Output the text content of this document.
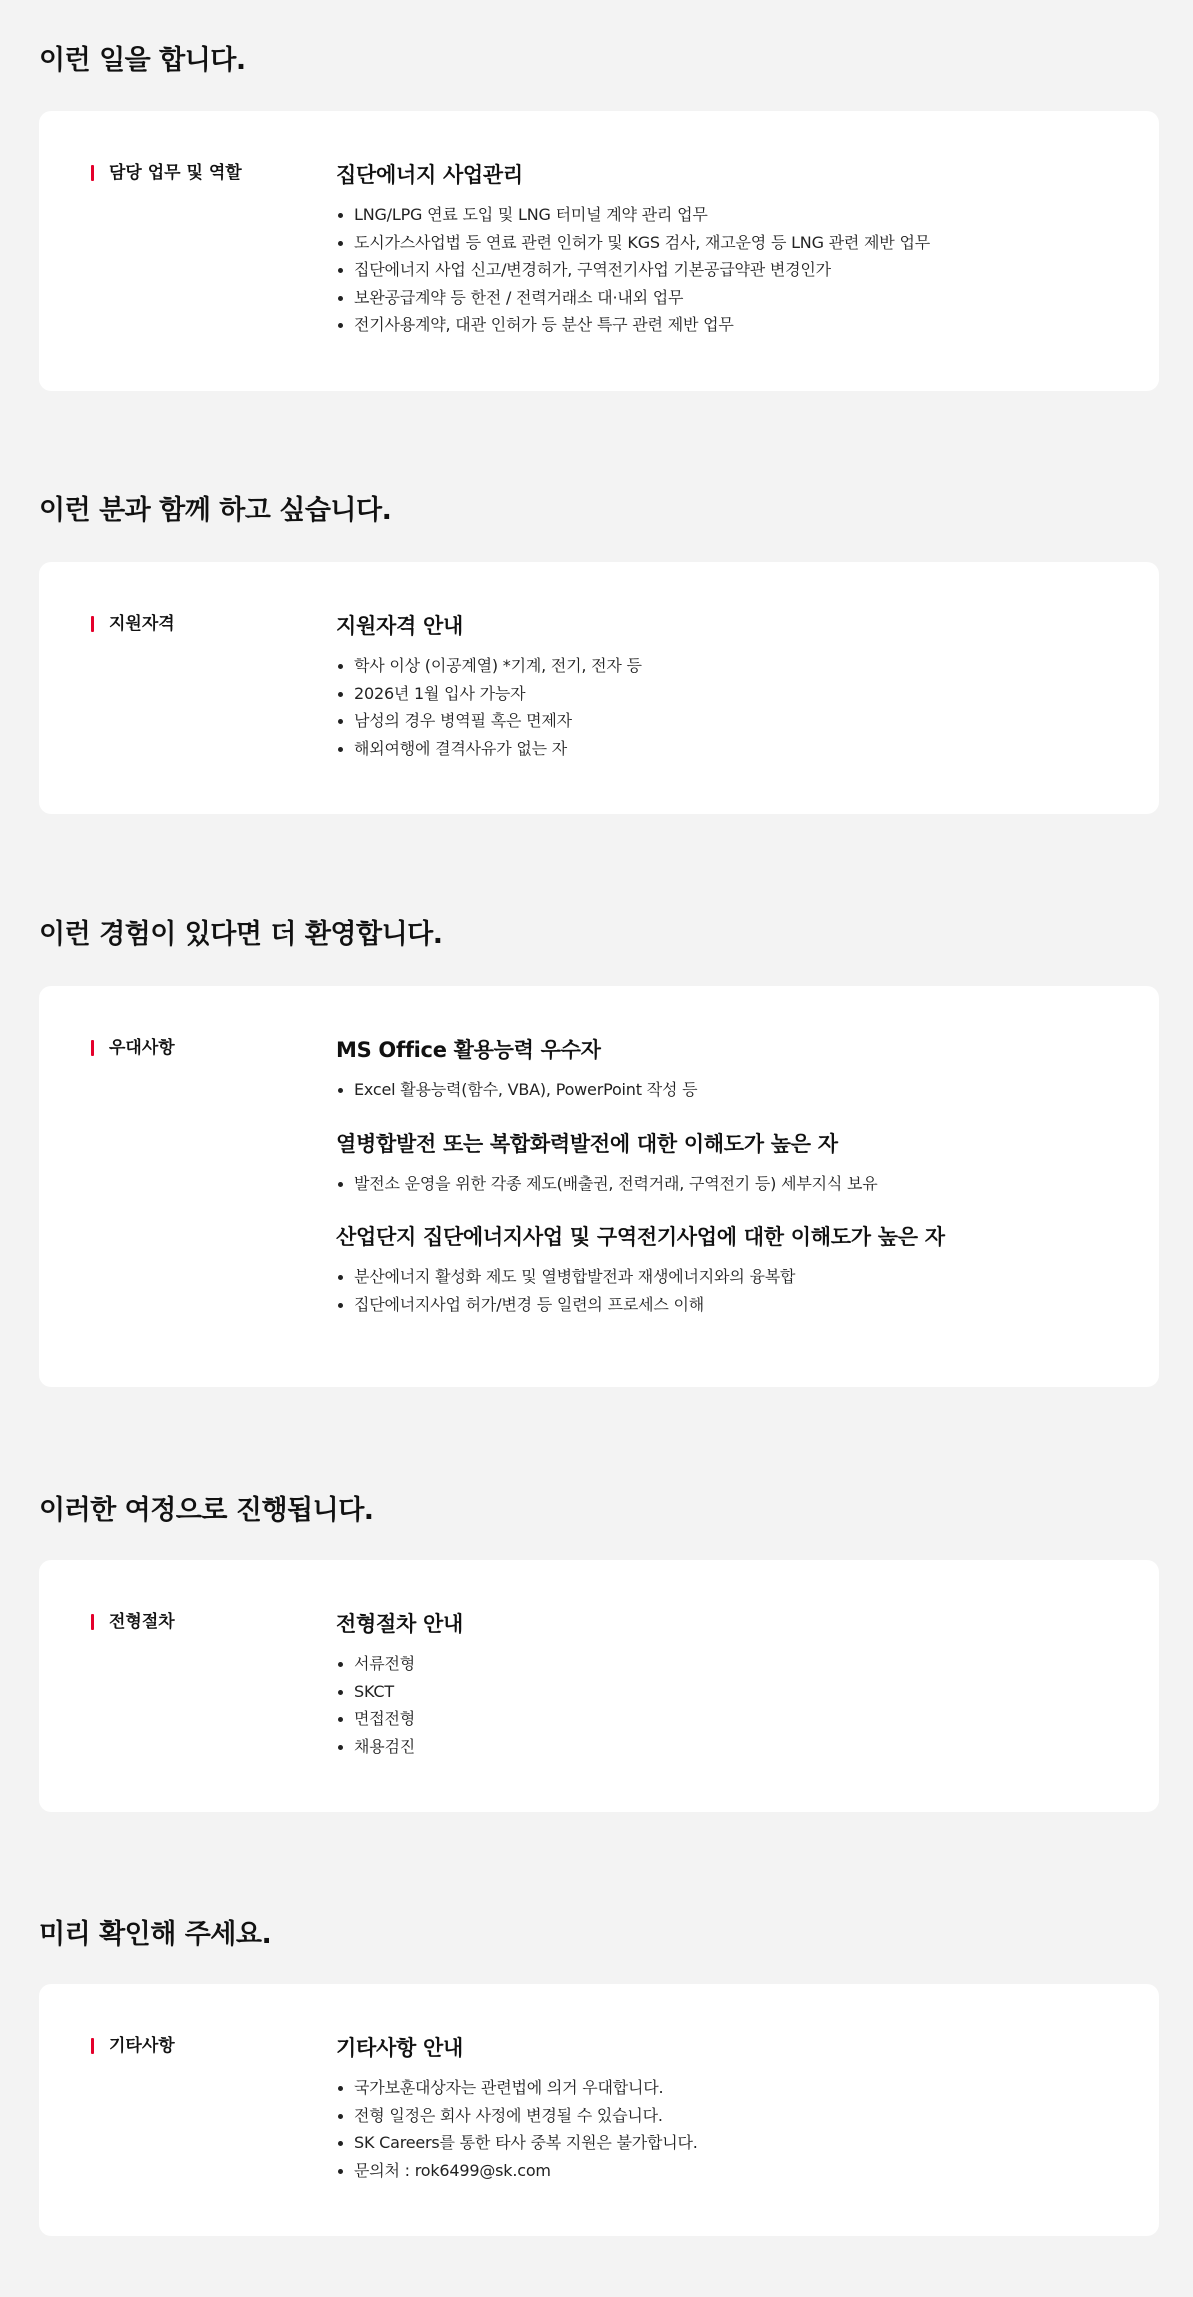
이런 일을 합니다.
담당 업무 및 역할	집단에너지 사업관리
LNG/LPG 연료 도입 및 LNG 터미널 계약 관리 업무
도시가스사업법 등 연료 관련 인허가 및 KGS 검사, 재고운영 등 LNG 관련 제반 업무
집단에너지 사업 신고/변경허가, 구역전기사업 기본공급약관 변경인가
보완공급계약 등 한전 / 전력거래소 대·내외 업무
전기사용계약, 대관 인허가 등 분산 특구 관련 제반 업무
이런 분과 함께 하고 싶습니다.
지원자격	지원자격 안내
학사 이상 (이공계열) *기계, 전기, 전자 등
2026년 1월 입사 가능자
남성의 경우 병역필 혹은 면제자
해외여행에 결격사유가 없는 자
이런 경험이 있다면 더 환영합니다.
우대사항	MS Office 활용능력 우수자
Excel 활용능력(함수, VBA), PowerPoint 작성 등
열병합발전 또는 복합화력발전에 대한 이해도가 높은 자
발전소 운영을 위한 각종 제도(배출권, 전력거래, 구역전기 등) 세부지식 보유
산업단지 집단에너지사업 및 구역전기사업에 대한 이해도가 높은 자
분산에너지 활성화 제도 및 열병합발전과 재생에너지와의 융복합
집단에너지사업 허가/변경 등 일련의 프로세스 이해
이러한 여정으로 진행됩니다.
전형절차	전형절차 안내
서류전형
SKCT
면접전형
채용검진
미리 확인해 주세요.
기타사항	기타사항 안내
국가보훈대상자는 관련법에 의거 우대합니다.
전형 일정은 회사 사정에 변경될 수 있습니다.
SK Careers를 통한 타사 중복 지원은 불가합니다.
문의처 : rok6499@sk.com
